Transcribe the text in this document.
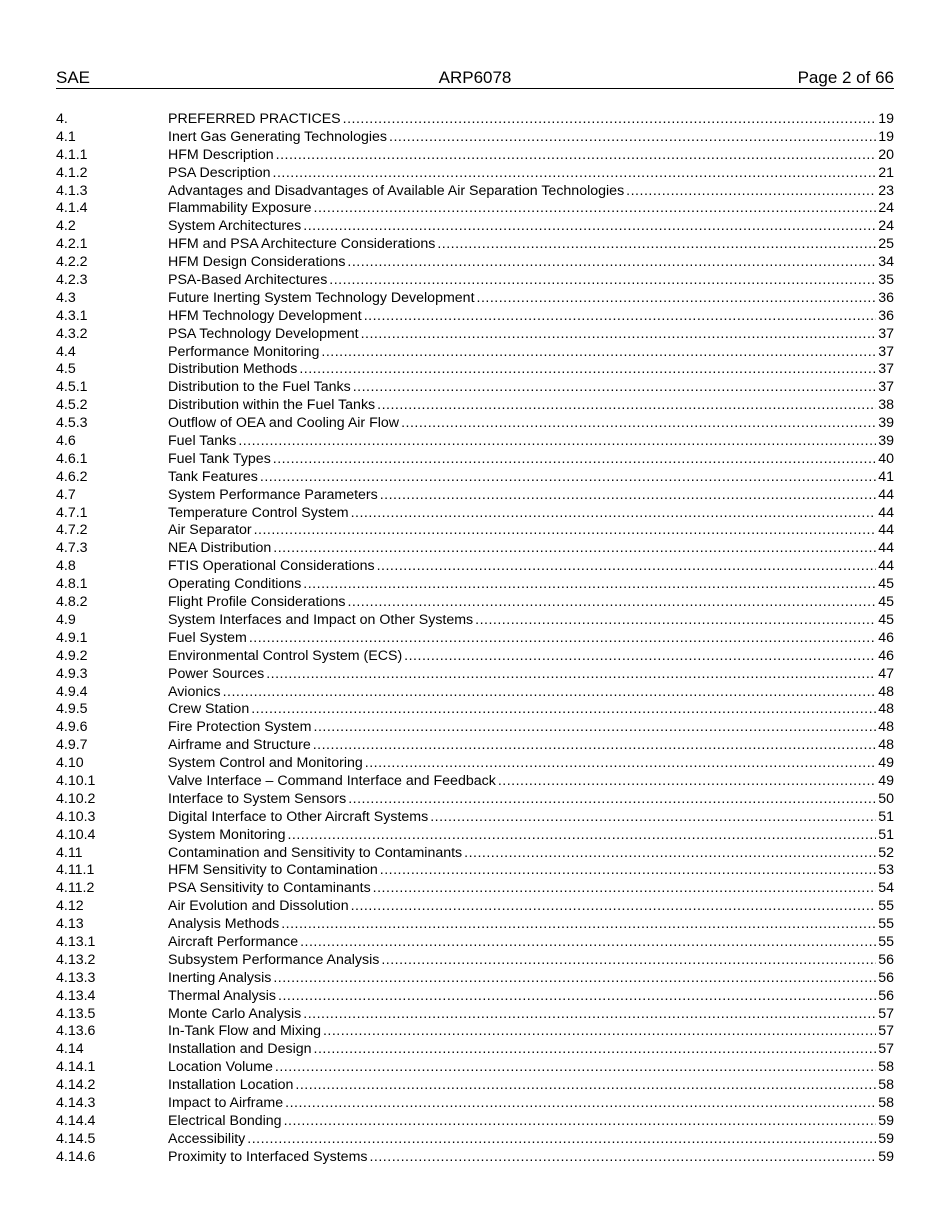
SAE	ARP6078	Page 2 of 66
4.	PREFERRED PRACTICES .....	19
4.1	Inert Gas Generating Technologies .....	19
4.1.1	HFM Description .....	20
4.1.2	PSA Description .....	21
4.1.3	Advantages and Disadvantages of Available Air Separation Technologies .....	23
4.1.4	Flammability Exposure .....	24
4.2	System Architectures .....	24
4.2.1	HFM and PSA Architecture Considerations .....	25
4.2.2	HFM Design Considerations .....	34
4.2.3	PSA-Based Architectures .....	35
4.3	Future Inerting System Technology Development .....	36
4.3.1	HFM Technology Development .....	36
4.3.2	PSA Technology Development .....	37
4.4	Performance Monitoring .....	37
4.5	Distribution Methods .....	37
4.5.1	Distribution to the Fuel Tanks .....	37
4.5.2	Distribution within the Fuel Tanks .....	38
4.5.3	Outflow of OEA and Cooling Air Flow .....	39
4.6	Fuel Tanks .....	39
4.6.1	Fuel Tank Types .....	40
4.6.2	Tank Features .....	41
4.7	System Performance Parameters .....	44
4.7.1	Temperature Control System .....	44
4.7.2	Air Separator .....	44
4.7.3	NEA Distribution .....	44
4.8	FTIS Operational Considerations .....	44
4.8.1	Operating Conditions .....	45
4.8.2	Flight Profile Considerations .....	45
4.9	System Interfaces and Impact on Other Systems .....	45
4.9.1	Fuel System .....	46
4.9.2	Environmental Control System (ECS) .....	46
4.9.3	Power Sources .....	47
4.9.4	Avionics .....	48
4.9.5	Crew Station .....	48
4.9.6	Fire Protection System .....	48
4.9.7	Airframe and Structure .....	48
4.10	System Control and Monitoring .....	49
4.10.1	Valve Interface – Command Interface and Feedback .....	49
4.10.2	Interface to System Sensors .....	50
4.10.3	Digital Interface to Other Aircraft Systems .....	51
4.10.4	System Monitoring .....	51
4.11	Contamination and Sensitivity to Contaminants .....	52
4.11.1	HFM Sensitivity to Contamination .....	53
4.11.2	PSA Sensitivity to Contaminants .....	54
4.12	Air Evolution and Dissolution .....	55
4.13	Analysis Methods .....	55
4.13.1	Aircraft Performance .....	55
4.13.2	Subsystem Performance Analysis .....	56
4.13.3	Inerting Analysis .....	56
4.13.4	Thermal Analysis .....	56
4.13.5	Monte Carlo Analysis .....	57
4.13.6	In-Tank Flow and Mixing .....	57
4.14	Installation and Design .....	57
4.14.1	Location Volume .....	58
4.14.2	Installation Location .....	58
4.14.3	Impact to Airframe .....	58
4.14.4	Electrical Bonding .....	59
4.14.5	Accessibility .....	59
4.14.6	Proximity to Interfaced Systems .....	59
